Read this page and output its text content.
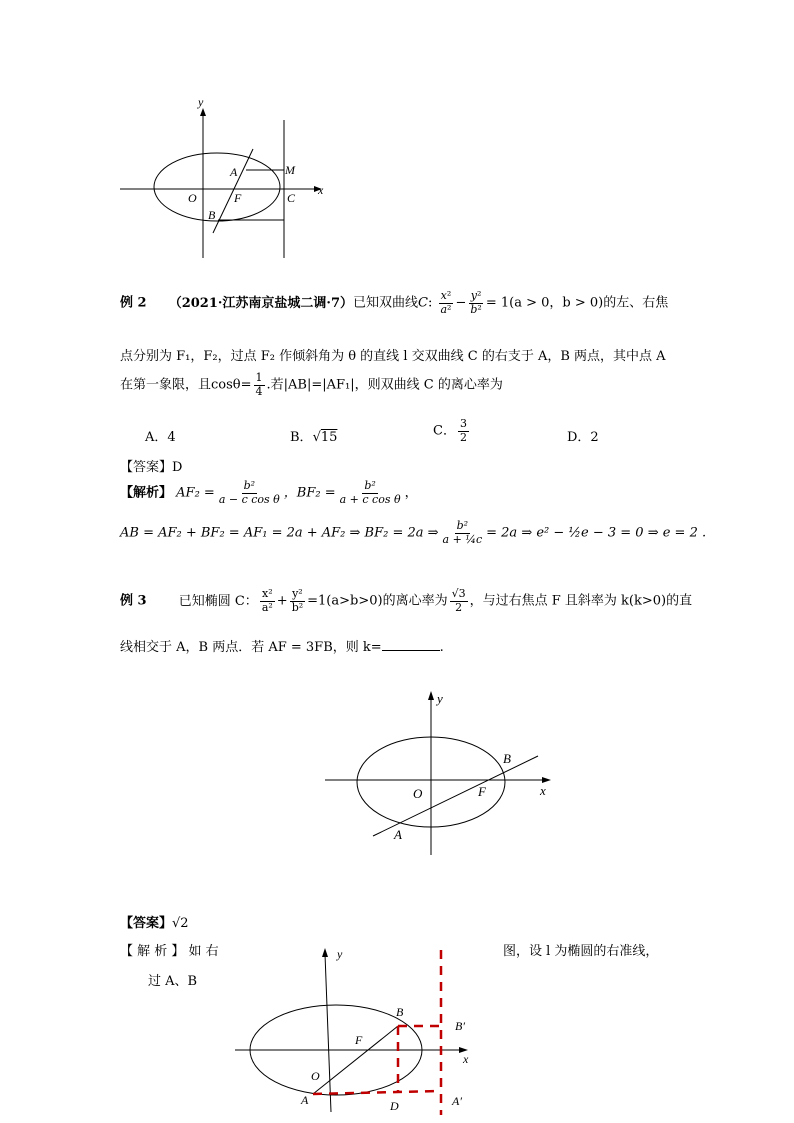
y
x
O
A
F
B
M
C
例 2 （2021·江苏南京盐城二调·7）已知双曲线C: $\frac{\text{x²}}{\text{a²}} - \frac{\text{y²}}{\text{b²}} = 1(a > 0$，b > 0)的左、右焦
点分别为 F₁，F₂，过点 F₂ 作倾斜角为 θ 的直线 l 交双曲线 C 的右支于 A，B 两点，其中点 A
在第一象限，且$\cos\theta= \frac{1}{4}$ .若|AB|=|AF₁|，则双曲线 C 的离心率为
A．4	B．√15	C． $\frac{3}{2}$	D．2
【答案】D
【解析】 $AF_2 = \frac{\text{b²}}{\text{a − c cos θ}}$ ，$BF_2 = \frac{\text{b²}}{\text{a + c cos θ}}$ ，
AB = AF₂ + BF₂ = AF₁ = 2a + AF₂ ⇒ BF₂ = 2a ⇒ $\frac{\text{b²}}{\text{a + ¼c}} = 2a$ ⇒ e² − ½e − 3 = 0 ⇒ e = 2 .
例 3 已知椭圆 C： $\frac{\text{x²}}{\text{a²}} + \frac{\text{y²}}{\text{b²}} =1(a>b>0)$的离心率为 $\frac{√3}{2}$ ，与过右焦点 F 且斜率为 k(k>0)的直
线相交于 A，B 两点．若 AF = 3FB，则 k=	.
y
x
O	F
A
B
【答案】√2
【 解 析 】 如 右	图，设 l 为椭圆的右准线，
过 A、B
y
x
O
F
A
B
D
B′
A′
